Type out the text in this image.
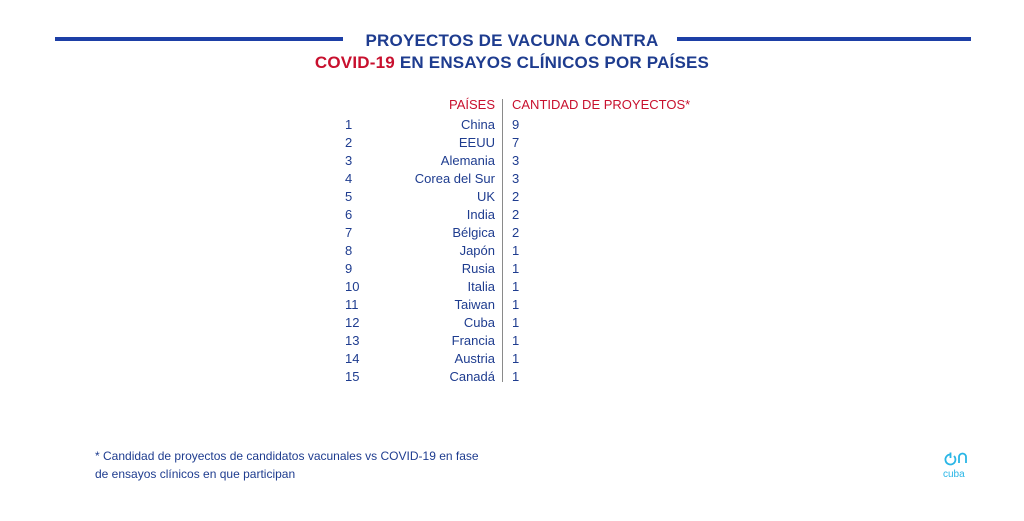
PROYECTOS DE VACUNA CONTRA
COVID-19 EN ENSAYOS CLÍNICOS POR PAÍSES
PAÍSES CANTIDAD DE PROYECTOS*
1	China 9
2	EEUU 7
3	Alemania 3
4	Corea del Sur 3
5	UK 2
6	India 2
7	Bélgica 2
8	Japón 1
9	Rusia 1
10	Italia 1
11	Taiwan 1
12	Cuba 1
13	Francia 1
14	Austria 1
15	Canadá 1
* Candidad de proyectos de candidatos vacunales vs COVID-19 en fase
de ensayos clínicos en que participan	cuba
